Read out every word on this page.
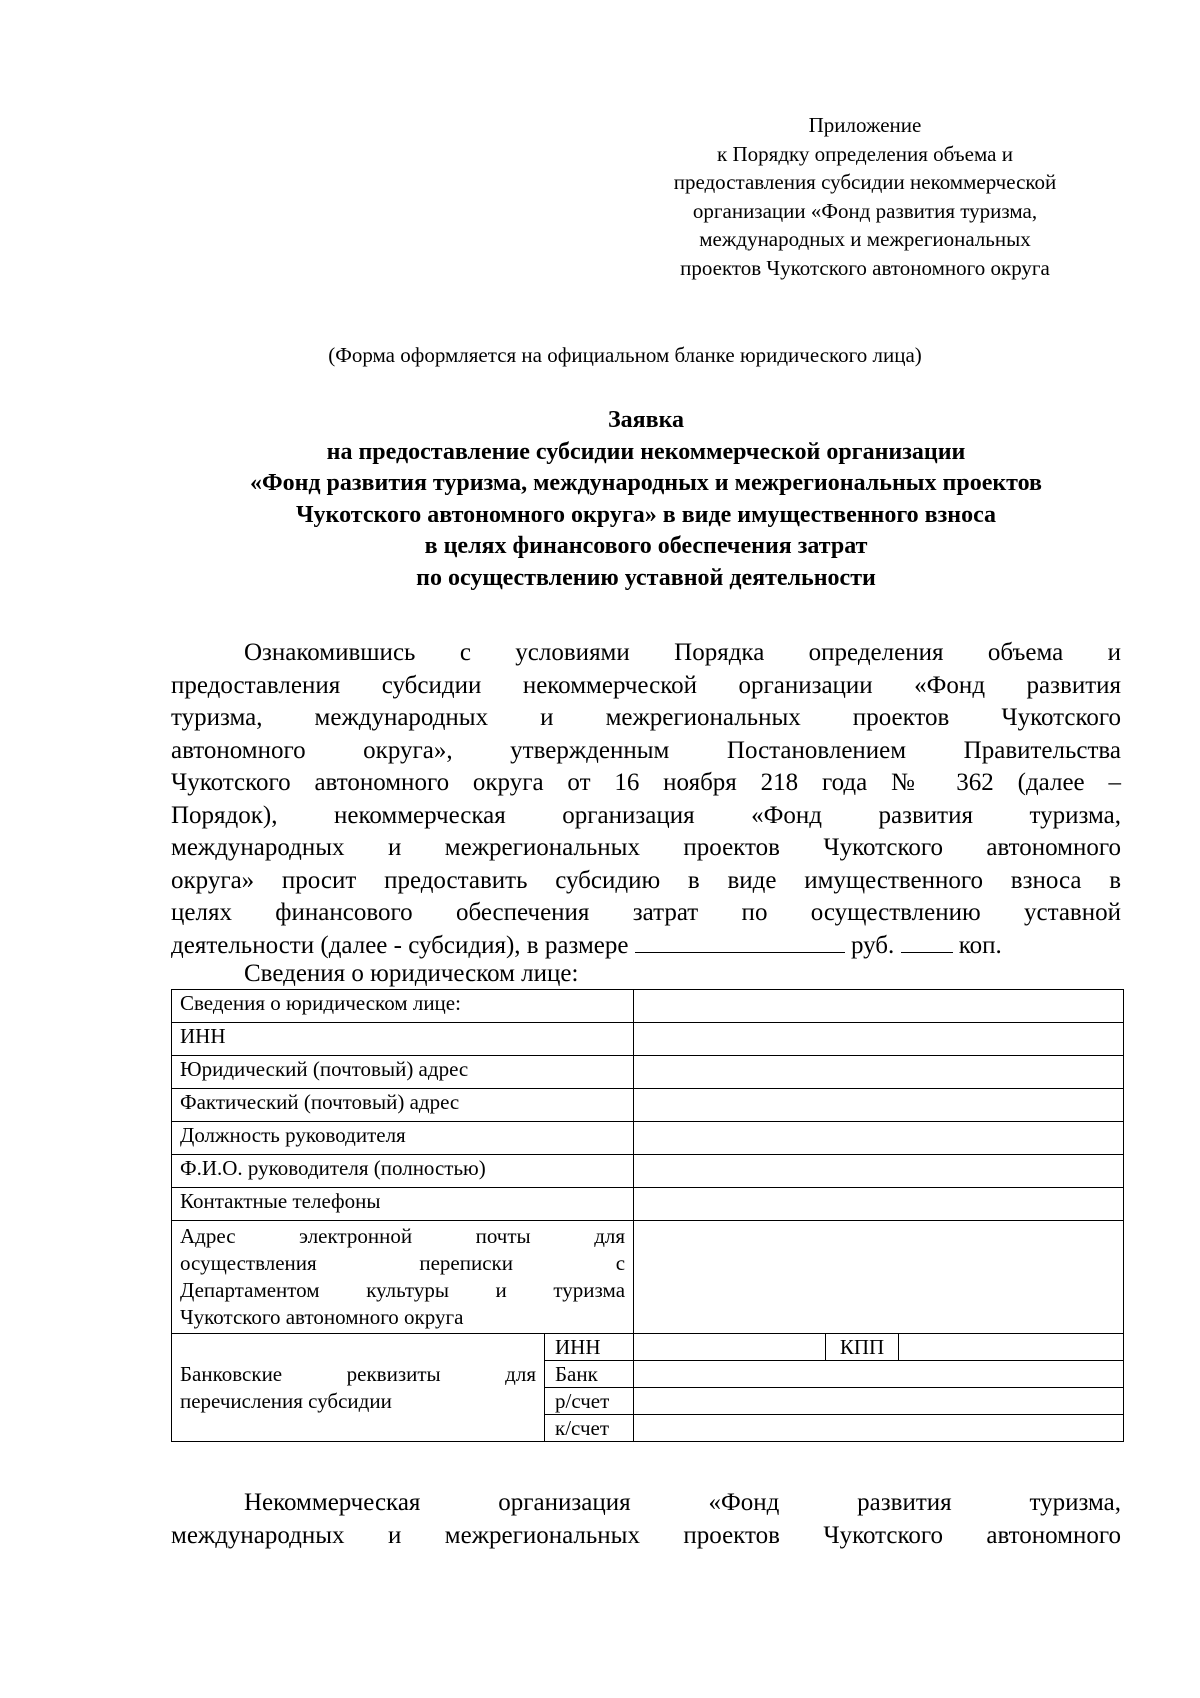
Приложение
к Порядку определения объема и
предоставления субсидии некоммерческой
организации «Фонд развития туризма,
международных и межрегиональных
проектов Чукотского автономного округа
(Форма оформляется на официальном бланке юридического лица)
Заявка
на предоставление субсидии некоммерческой организации
«Фонд развития туризма, международных и межрегиональных проектов
Чукотского автономного округа» в виде имущественного взноса
в целях финансового обеспечения затрат
по осуществлению уставной деятельности
Ознакомившись с условиями Порядка определения объема и
предоставления субсидии некоммерческой организации «Фонд развития
туризма, международных и межрегиональных проектов Чукотского
автономного округа», утвержденным Постановлением Правительства
Чукотского автономного округа от 16 ноября 218 года № 362 (далее –
Порядок), некоммерческая организация «Фонд развития туризма,
международных и межрегиональных проектов Чукотского автономного
округа» просит предоставить субсидию в виде имущественного взноса в
целях финансового обеспечения затрат по осуществлению уставной
деятельности (далее - субсидия), в размере	руб.	коп.
Сведения о юридическом лице:
Сведения о юридическом лице:				
ИНН				
Юридический (почтовый) адрес				
Фактический (почтовый) адрес				
Должность руководителя				
Ф.И.О. руководителя (полностью)				
Контактные телефоны				

Адрес электронной почты для
осуществления переписки с
Департаментом культуры и туризма
Чукотского автономного округа				

Банковские реквизиты для
перечисления субсидии	ИНН		КПП	
	Банк			
	р/счет			
	к/счет			
Некоммерческая организация «Фонд развития туризма,
международных и межрегиональных проектов Чукотского автономного
